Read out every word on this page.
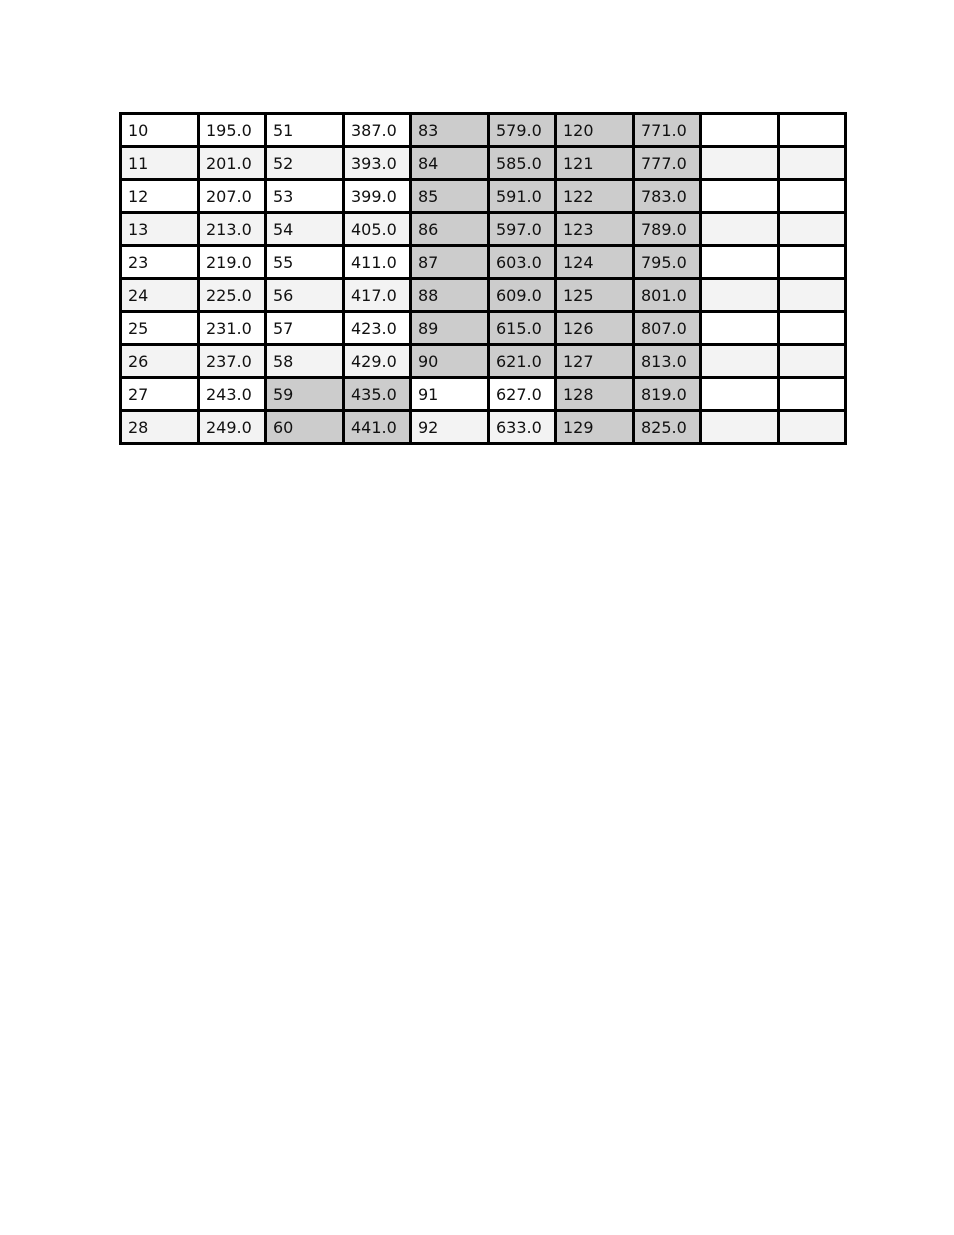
10	195.0	51	387.0	83	579.0	120	771.0		
11	201.0	52	393.0	84	585.0	121	777.0		
12	207.0	53	399.0	85	591.0	122	783.0		
13	213.0	54	405.0	86	597.0	123	789.0		
23	219.0	55	411.0	87	603.0	124	795.0		
24	225.0	56	417.0	88	609.0	125	801.0		
25	231.0	57	423.0	89	615.0	126	807.0		
26	237.0	58	429.0	90	621.0	127	813.0		
27	243.0	59	435.0	91	627.0	128	819.0		
28	249.0	60	441.0	92	633.0	129	825.0		
